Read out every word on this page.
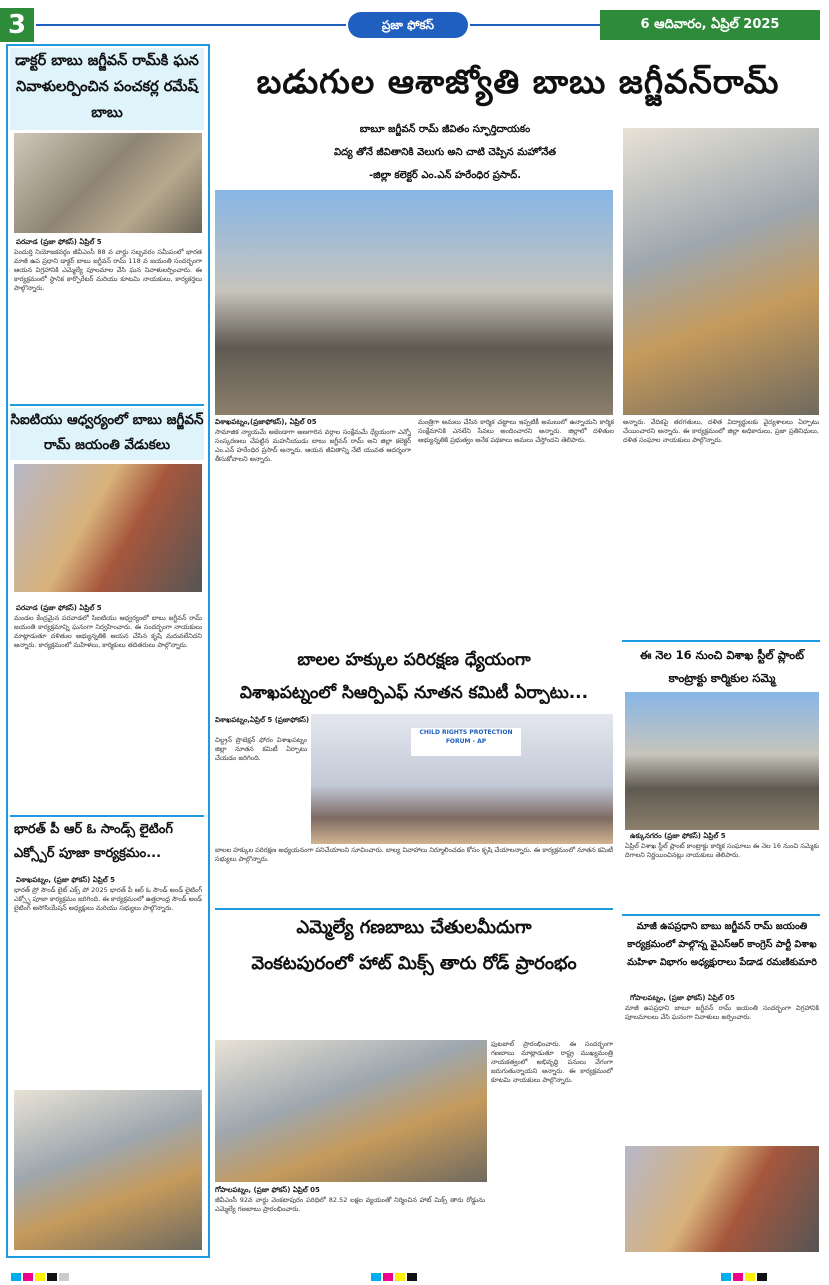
3	ప్రజా ఫోకస్	6 ఆదివారం, ఏప్రిల్ 2025
డాక్టర్ బాబు జగ్జీవన్ రామ్‌కి ఘన నివాళులర్పించిన పంచకర్ల రమేష్ బాబు
పరవాడ (ప్రజా ఫోకస్) ఏప్రిల్ 5
పెందుర్తి నియోజకవర్గం జీవీఎంసీ 88 వ వార్డు సబ్బవరం సమీపంలో భారత మాజీ ఉప ప్రధాని డాక్టర్ బాబు జగ్జీవన్ రామ్ 118 వ జయంతి సందర్భంగా ఆయన విగ్రహానికి ఎమ్మెల్యే పూలమాల వేసి ఘన నివాళులర్పించారు. ఈ కార్యక్రమంలో స్థానిక కార్పొరేటర్ మరియు కూటమి నాయకులు, కార్యకర్తలు పాల్గొన్నారు.
సిఐటియు ఆధ్వర్యంలో బాబు జగ్జీవన్ రామ్ జయంతి వేడుకలు
పరవాడ (ప్రజా ఫోకస్) ఏప్రిల్ 5
మండల కేంద్రమైన పరవాడలో సిఐటియు ఆధ్వర్యంలో బాబు జగ్జీవన్ రామ్ జయంతి కార్యక్రమాన్ని ఘనంగా నిర్వహించారు. ఈ సందర్భంగా నాయకులు మాట్లాడుతూ దళితుల అభ్యున్నతికి ఆయన చేసిన కృషి మరువలేనిదని అన్నారు. కార్యక్రమంలో మహిళలు, కార్మికులు తదితరులు పాల్గొన్నారు.
భారత్ పీ ఆర్ ఓ సాండ్స్ లైటింగ్ ఎక్స్పోర్ పూజా కార్యక్రమం...
విశాఖపట్నం, (ప్రజా ఫోకస్) ఏప్రిల్ 5
భారత్ ప్రో సౌండ్ లైట్ ఎక్స్ పో 2025 భారత్ పీ ఆర్ ఓ సౌండ్ అండ్ లైటింగ్ ఎక్స్పో పూజా కార్యక్రమం జరిగింది. ఈ కార్యక్రమంలో ఉత్తరాంధ్ర సౌండ్ అండ్ లైటింగ్ అసోసియేషన్ అధ్యక్షులు మరియు సభ్యులు పాల్గొన్నారు.
బడుగుల ఆశాజ్యోతి బాబు జగ్జీవన్‌రామ్
బాబూ జగ్జీవన్ రామ్ జీవితం స్ఫూర్తిదాయకం
విద్య తోనే జీవితానికి వెలుగు అని చాటి చెప్పిన మహోనేత
-జిల్లా కలెక్టర్ ఎం.ఎన్ హరేంధిర ప్రసాద్.
విశాఖపట్నం,(ప్రజాఫోకస్), ఏప్రిల్ 05
సామాజిక న్యాయమే అజెండాగా అణగారిన వర్గాల సంక్షేమమే ధ్యేయంగా ఎన్నో సంస్కరణలు చేపట్టిన మహనీయుడు బాబు జగ్జీవన్ రామ్ అని జిల్లా కలెక్టర్ ఎం.ఎన్ హరేంధిర ప్రసాద్ అన్నారు. ఆయన జీవితాన్ని నేటి యువత ఆదర్శంగా తీసుకోవాలని అన్నారు.
మంత్రిగా అమలు చేసిన కార్మిక చట్టాలు ఇప్పటికీ అమలులో ఉన్నాయని కార్మిక సంక్షేమానికి ఎనలేని సేవలు అందించారని అన్నారు. జిల్లాలో దళితుల అభ్యున్నతికి ప్రభుత్వం అనేక పథకాలు అమలు చేస్తోందని తెలిపారు.
అన్నారు. వేదికపై తరగతులు, దళిత విద్యార్థులకు వైద్యశాలలు ఏర్పాటు చేయించారని అన్నారు. ఈ కార్యక్రమంలో జిల్లా అధికారులు, ప్రజా ప్రతినిధులు, దళిత సంఘాల నాయకులు పాల్గొన్నారు.
బాలల హక్కుల పరిరక్షణ ధ్యేయంగా
విశాఖపట్నంలో సిఆర్పిఎఫ్ నూతన కమిటీ ఏర్పాటు...
విశాఖపట్నం,ఏప్రిల్ 5 (ప్రజాఫోకస్)
చిల్డ్రన్ ప్రొటెక్షన్ ఫోరం విశాఖపట్నం జిల్లా నూతన కమిటీ ఏర్పాటు చేయడం జరిగింది.
CHILD RIGHTS PROTECTION FORUM - AP
బాలల హక్కుల పరిరక్షణ అధ్యయనంగా పనిచేయాలని సూచించారు. బాల్య వివాహాలు నిర్మూలించడం కోసం కృషి చేయాలన్నారు. ఈ కార్యక్రమంలో నూతన కమిటీ సభ్యులు పాల్గొన్నారు.
ఈ నెల 16 నుంచి విశాఖ స్టీల్ ప్లాంట్ కాంట్రాక్టు కార్మికుల సమ్మె
ఉక్కునగరం (ప్రజా ఫోకస్) ఏప్రిల్ 5
ఏప్రిల్ విశాఖ స్టీల్ ప్లాంట్ కాంట్రాక్టు కార్మిక సంఘాలు ఈ నెల 16 నుంచి సమ్మెకు దిగాలని నిర్ణయించినట్లు నాయకులు తెలిపారు.
మాజీ ఉపప్రధాని బాబు జగ్జీవన్ రామ్ జయంతి కార్యక్రమంలో పాల్గొన్న వైఎస్ఆర్ కాంగ్రెస్ పార్టీ విశాఖ మహిళా విభాగం అధ్యక్షురాలు పేడాడ రమణికుమారి
గోపాలపట్నం, (ప్రజా ఫోకస్) ఏప్రిల్ 05
మాజీ ఉపప్రధాని బాబూ జగ్జీవన్ రామ్ జయంతి సందర్భంగా విగ్రహానికి పూలమాలలు వేసి ఘనంగా నివాళులు అర్పించారు.
ఎమ్మెల్యే గణబాబు చేతులమీదుగా
వెంకటపురంలో హాట్ మిక్స్ తారు రోడ్ ప్రారంభం
గోపాలపట్నం, (ప్రజా ఫోకస్) ఏప్రిల్ 05
జీవీఎంసీ 92వ వార్డు వెంకటాపురం పరిధిలో 82.52 లక్షల వ్యయంతో నిర్మించిన హాట్ మిక్స్ తారు రోడ్డును ఎమ్మెల్యే గణబాబు ప్రారంభించారు.
ఫుటబాల్ ప్రారంభించారు. ఈ సందర్భంగా గణబాబు మాట్లాడుతూ రాష్ట్ర ముఖ్యమంత్రి నాయకత్వంలో అభివృద్ధి పనులు వేగంగా జరుగుతున్నాయని అన్నారు. ఈ కార్యక్రమంలో కూటమి నాయకులు పాల్గొన్నారు.
